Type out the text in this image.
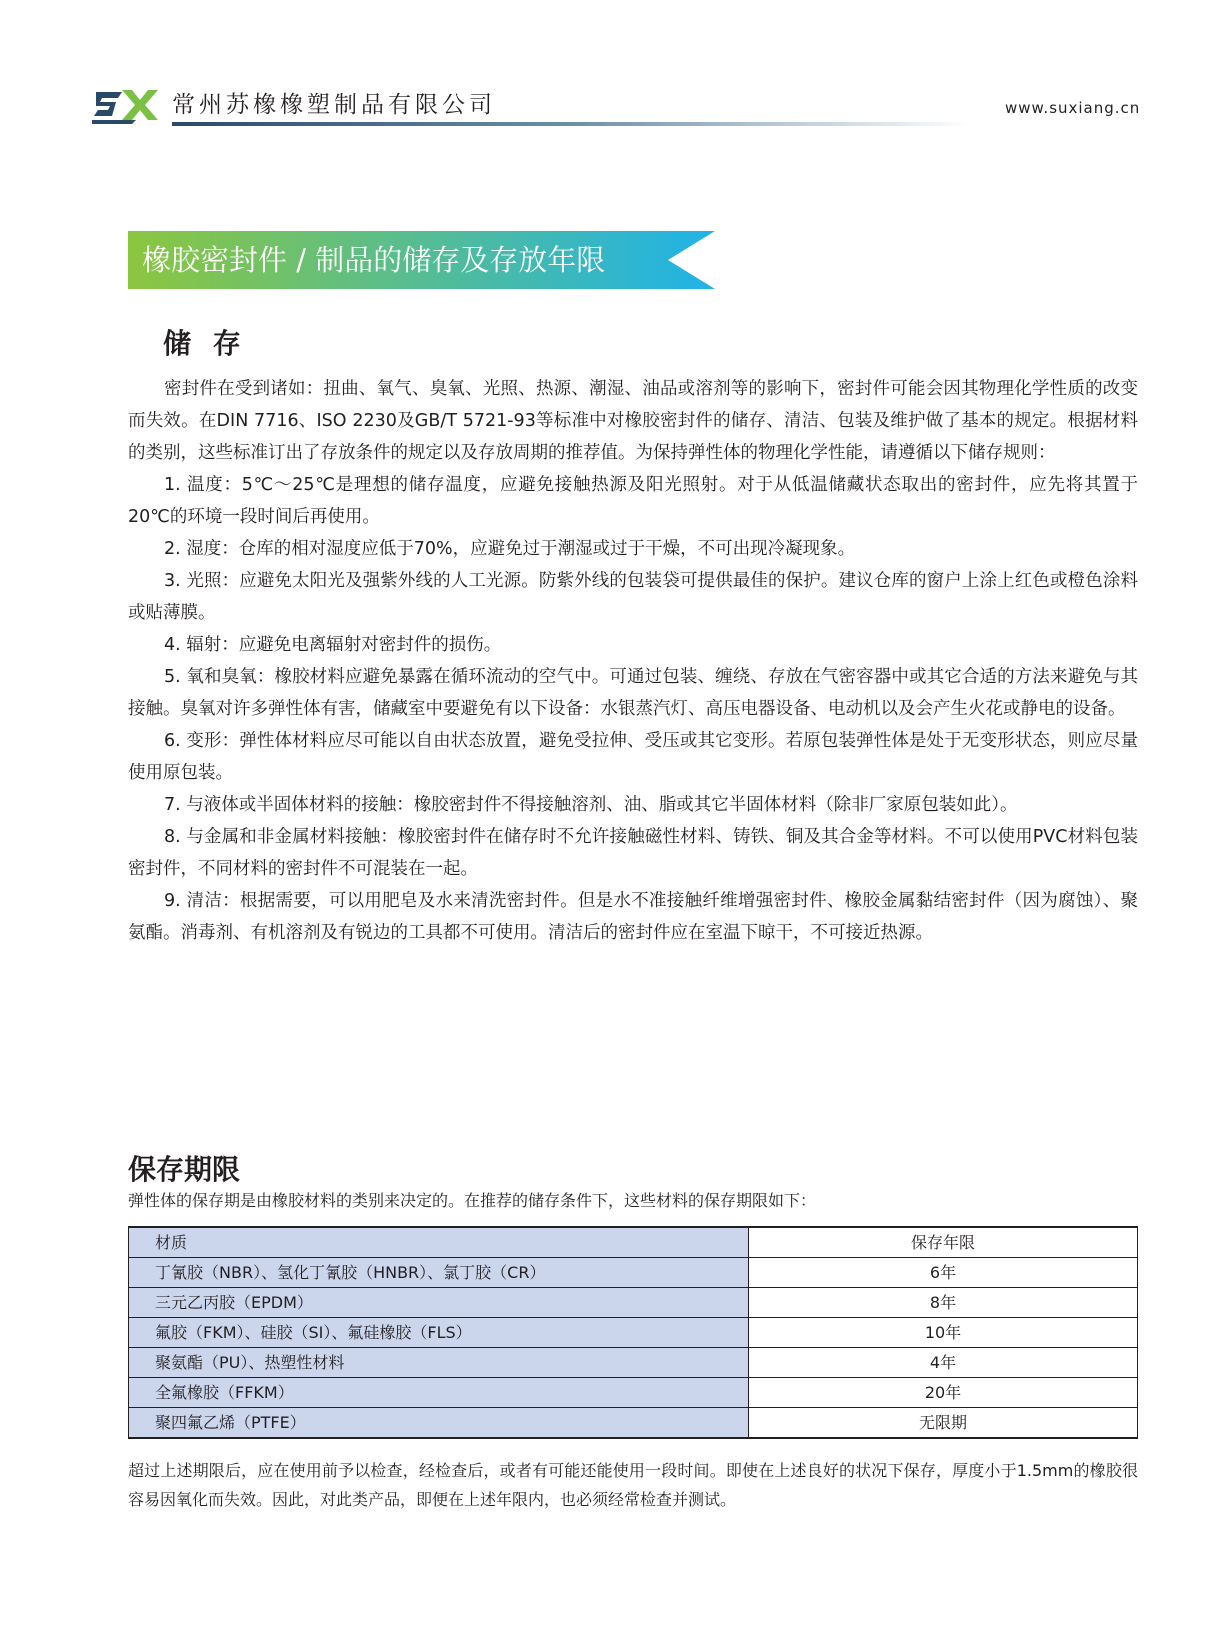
常州苏橡橡塑制品有限公司	www.suxiang.cn
橡胶密封件 / 制品的储存及存放年限
储 存

密封件在受到诸如：扭曲、氧气、臭氧、光照、热源、潮湿、油品或溶剂等的影响下，密封件可能会因其物理化学性质的改变而失效。在DIN 7716、ISO 2230及GB/T 5721-93等标准中对橡胶密封件的储存、清洁、包装及维护做了基本的规定。根据材料的类别，这些标准订出了存放条件的规定以及存放周期的推荐值。为保持弹性体的物理化学性能，请遵循以下储存规则：

1. 温度：5℃～25℃是理想的储存温度，应避免接触热源及阳光照射。对于从低温储藏状态取出的密封件，应先将其置于20℃的环境一段时间后再使用。

2. 湿度：仓库的相对湿度应低于70%，应避免过于潮湿或过于干燥，不可出现冷凝现象。

3. 光照：应避免太阳光及强紫外线的人工光源。防紫外线的包装袋可提供最佳的保护。建议仓库的窗户上涂上红色或橙色涂料或贴薄膜。

4. 辐射：应避免电离辐射对密封件的损伤。

5. 氧和臭氧：橡胶材料应避免暴露在循环流动的空气中。可通过包装、缠绕、存放在气密容器中或其它合适的方法来避免与其接触。臭氧对许多弹性体有害，储藏室中要避免有以下设备：水银蒸汽灯、高压电器设备、电动机以及会产生火花或静电的设备。

6. 变形：弹性体材料应尽可能以自由状态放置，避免受拉伸、受压或其它变形。若原包装弹性体是处于无变形状态，则应尽量使用原包装。

7. 与液体或半固体材料的接触：橡胶密封件不得接触溶剂、油、脂或其它半固体材料（除非厂家原包装如此）。

8. 与金属和非金属材料接触：橡胶密封件在储存时不允许接触磁性材料、铸铁、铜及其合金等材料。不可以使用PVC材料包装密封件，不同材料的密封件不可混装在一起。

9. 清洁：根据需要，可以用肥皂及水来清洗密封件。但是水不准接触纤维增强密封件、橡胶金属黏结密封件（因为腐蚀）、聚氨酯。消毒剂、有机溶剂及有锐边的工具都不可使用。清洁后的密封件应在室温下晾干，不可接近热源。

保存期限
弹性体的保存期是由橡胶材料的类别来决定的。在推荐的储存条件下，这些材料的保存期限如下：
材质	保存年限
丁氰胶（NBR）、氢化丁氰胶（HNBR）、氯丁胶（CR）	6年
三元乙丙胶（EPDM）	8年
氟胶（FKM）、硅胶（SI）、氟硅橡胶（FLS）	10年
聚氨酯（PU）、热塑性材料	4年
全氟橡胶（FFKM）	20年
聚四氟乙烯（PTFE）	无限期
超过上述期限后，应在使用前予以检查，经检查后，或者有可能还能使用一段时间。即使在上述良好的状况下保存，厚度小于1.5mm的橡胶很容易因氧化而失效。因此，对此类产品，即便在上述年限内，也必须经常检查并测试。
